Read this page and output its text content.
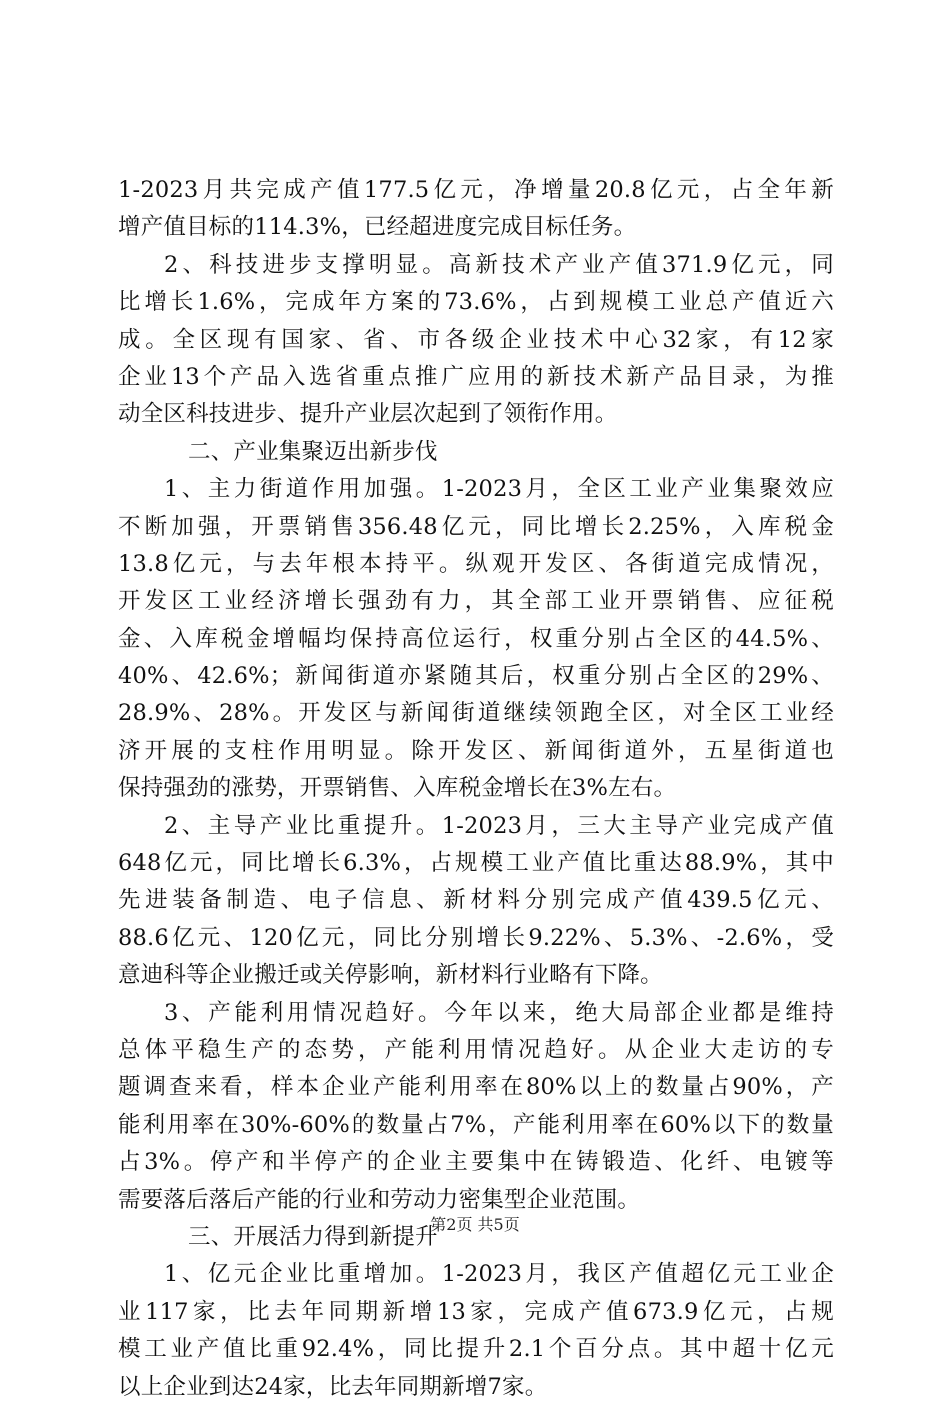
1-2023月共完成产值177.5亿元，净增量20.8亿元，占全年新
增产值目标的114.3%，已经超进度完成目标任务。
2、科技进步支撑明显。高新技术产业产值371.9亿元，同
比增长1.6%，完成年方案的73.6%，占到规模工业总产值近六
成。全区现有国家、省、市各级企业技术中心32家，有12家
企业13个产品入选省重点推广应用的新技术新产品目录，为推
动全区科技进步、提升产业层次起到了领衔作用。
二、产业集聚迈出新步伐
1、主力街道作用加强。1-2023月，全区工业产业集聚效应
不断加强，开票销售356.48亿元，同比增长2.25%，入库税金
13.8亿元，与去年根本持平。纵观开发区、各街道完成情况，
开发区工业经济增长强劲有力，其全部工业开票销售、应征税
金、入库税金增幅均保持高位运行，权重分别占全区的44.5%、
40%、42.6%；新闻街道亦紧随其后，权重分别占全区的29%、
28.9%、28%。开发区与新闻街道继续领跑全区，对全区工业经
济开展的支柱作用明显。除开发区、新闻街道外，五星街道也
保持强劲的涨势，开票销售、入库税金增长在3%左右。
2、主导产业比重提升。1-2023月，三大主导产业完成产值
648亿元，同比增长6.3%，占规模工业产值比重达88.9%，其中
先进装备制造、电子信息、新材料分别完成产值439.5亿元、
88.6亿元、120亿元，同比分别增长9.22%、5.3%、-2.6%，受
意迪科等企业搬迁或关停影响，新材料行业略有下降。
3、产能利用情况趋好。今年以来，绝大局部企业都是维持
总体平稳生产的态势，产能利用情况趋好。从企业大走访的专
题调查来看，样本企业产能利用率在80%以上的数量占90%，产
能利用率在30%-60%的数量占7%，产能利用率在60%以下的数量
占3%。停产和半停产的企业主要集中在铸锻造、化纤、电镀等
需要落后落后产能的行业和劳动力密集型企业范围。
三、开展活力得到新提升
1、亿元企业比重增加。1-2023月，我区产值超亿元工业企
业117家，比去年同期新增13家，完成产值673.9亿元，占规
模工业产值比重92.4%，同比提升2.1个百分点。其中超十亿元
以上企业到达24家，比去年同期新增7家。
第2页 共5页
